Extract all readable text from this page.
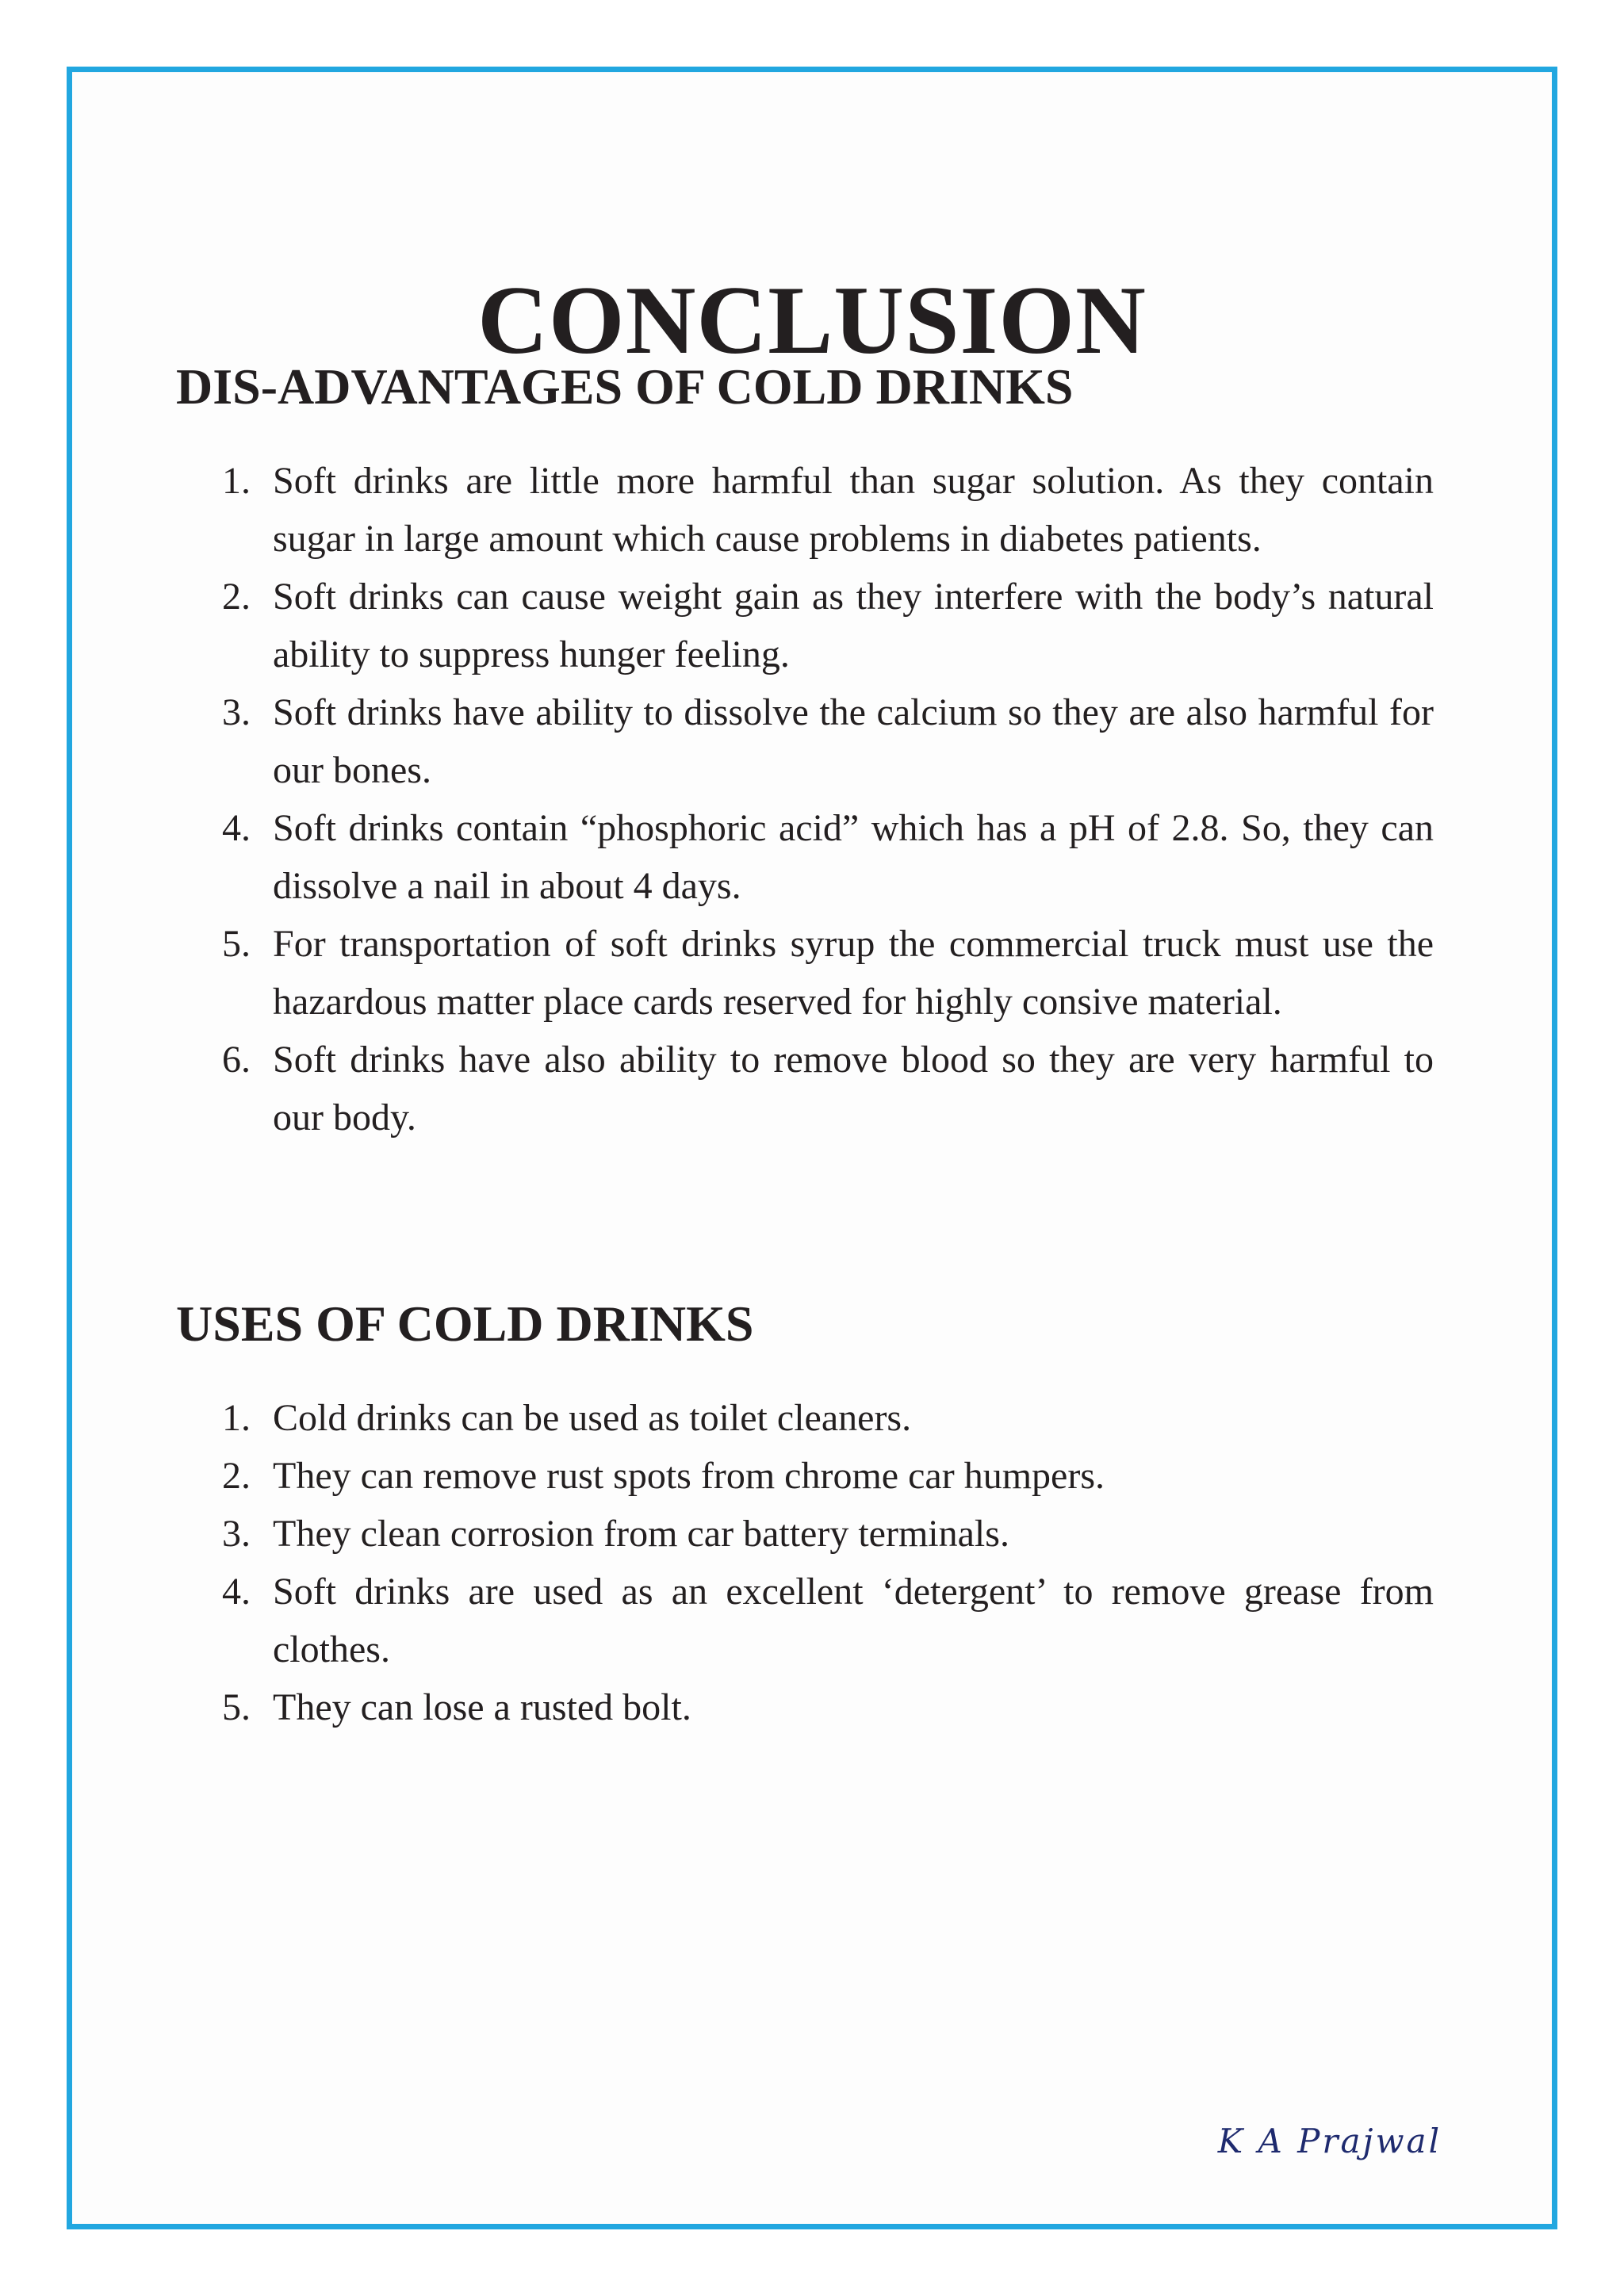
CONCLUSION
DIS-ADVANTAGES OF COLD DRINKS
1. Soft drinks are little more harmful than sugar solution. As they contain sugar in large amount which cause problems in diabetes patients.
2. Soft drinks can cause weight gain as they interfere with the body’s natural ability to suppress hunger feeling.
3. Soft drinks have ability to dissolve the calcium so they are also harmful for our bones.
4. Soft drinks contain “phosphoric acid” which has a pH of 2.8. So, they can dissolve a nail in about 4 days.
5. For transportation of soft drinks syrup the commercial truck must use the hazardous matter place cards reserved for highly consive material.
6. Soft drinks have also ability to remove blood so they are very harmful to our body.
USES OF COLD DRINKS
1. Cold drinks can be used as toilet cleaners.
2. They can remove rust spots from chrome car humpers.
3. They clean corrosion from car battery terminals.
4. Soft drinks are used as an excellent ‘detergent’ to remove grease from clothes.
5. They can lose a rusted bolt.
K A Prajwal
